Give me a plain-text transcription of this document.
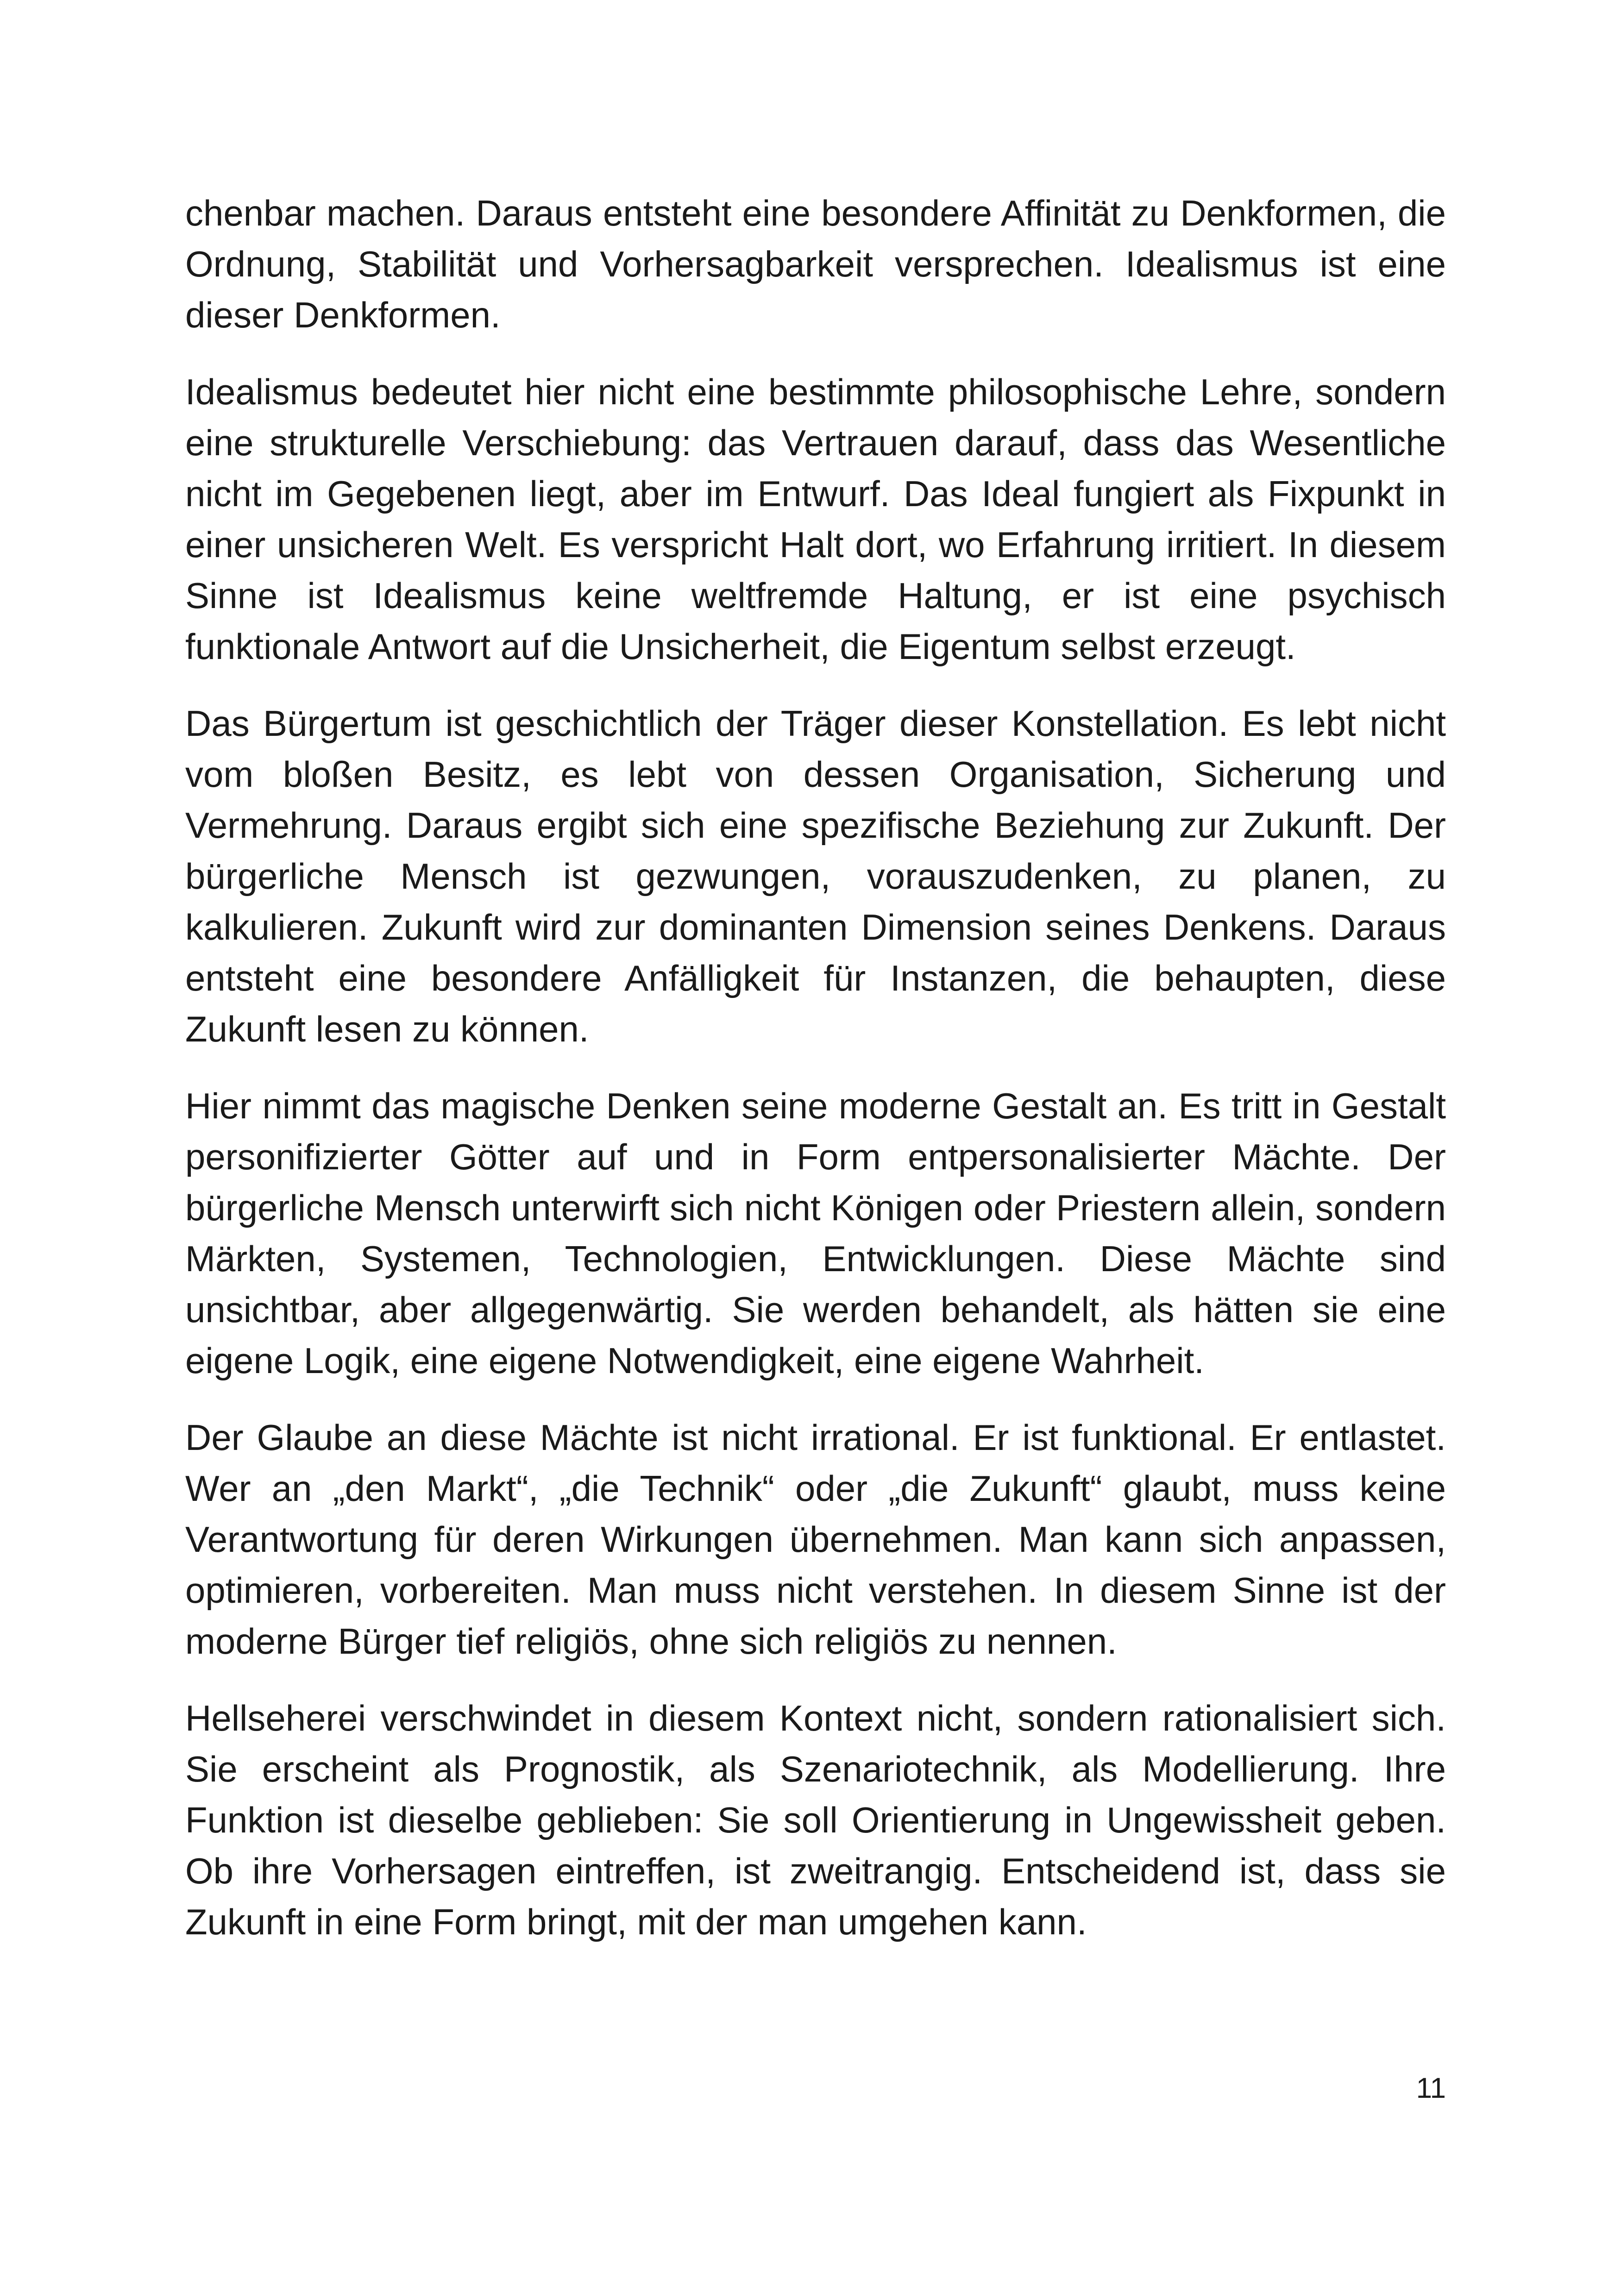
chenbar machen. Daraus entsteht eine besondere Affinität zu Denkformen, die Ordnung, Stabilität und Vorhersagbarkeit versprechen. Idealismus ist eine dieser Denkformen.

Idealismus bedeutet hier nicht eine bestimmte philosophische Lehre, sondern eine strukturelle Verschiebung: das Vertrauen darauf, dass das Wesentliche nicht im Gegebenen liegt, aber im Entwurf. Das Ideal fungiert als Fixpunkt in einer unsicheren Welt. Es verspricht Halt dort, wo Erfahrung irritiert. In diesem Sinne ist Idealismus keine weltfremde Haltung, er ist eine psychisch funktionale Antwort auf die Unsicherheit, die Eigentum selbst erzeugt.

Das Bürgertum ist geschichtlich der Träger dieser Konstellation. Es lebt nicht vom bloßen Besitz, es lebt von dessen Organisation, Sicherung und Vermehrung. Daraus ergibt sich eine spezifische Beziehung zur Zukunft. Der bürgerliche Mensch ist gezwungen, vorauszudenken, zu planen, zu kalkulieren. Zukunft wird zur dominanten Dimension seines Denkens. Daraus entsteht eine besondere Anfälligkeit für Instanzen, die behaupten, diese Zukunft lesen zu können.

Hier nimmt das magische Denken seine moderne Gestalt an. Es tritt in Gestalt personifizierter Götter auf und in Form entpersonalisierter Mächte. Der bürgerliche Mensch unterwirft sich nicht Königen oder Priestern allein, sondern Märkten, Systemen, Technologien, Entwicklungen. Diese Mächte sind unsichtbar, aber allgegenwärtig. Sie werden behandelt, als hätten sie eine eigene Logik, eine eigene Notwendigkeit, eine eigene Wahrheit.

Der Glaube an diese Mächte ist nicht irrational. Er ist funktional. Er entlastet. Wer an „den Markt“, „die Technik“ oder „die Zukunft“ glaubt, muss keine Verantwortung für deren Wirkungen übernehmen. Man kann sich anpassen, optimieren, vorbereiten. Man muss nicht verstehen. In diesem Sinne ist der moderne Bürger tief religiös, ohne sich religiös zu nennen.

Hellseherei verschwindet in diesem Kontext nicht, sondern rationalisiert sich. Sie erscheint als Prognostik, als Szenariotechnik, als Modellierung. Ihre Funktion ist dieselbe geblieben: Sie soll Orientierung in Ungewissheit geben. Ob ihre Vorhersagen eintreffen, ist zweitrangig. Entscheidend ist, dass sie Zukunft in eine Form bringt, mit der man umgehen kann.

11
